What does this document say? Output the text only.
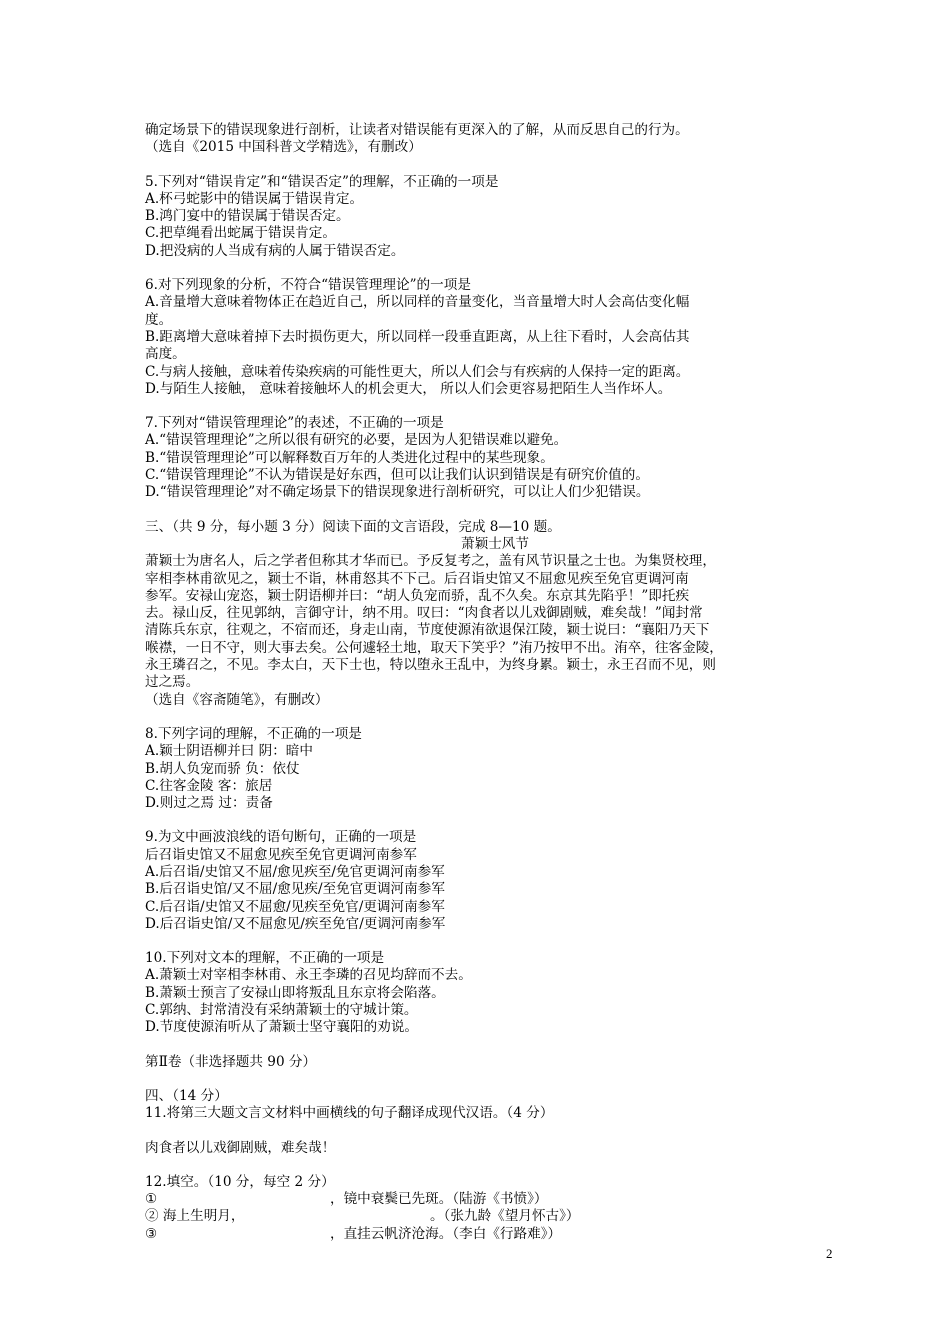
确定场景下的错误现象进行剖析，让读者对错误能有更深入的了解，从而反思自己的行为。
（选自《2015 中国科普文学精选》，有删改）
5.下列对“错误肯定”和“错误否定”的理解，不正确的一项是
A.杯弓蛇影中的错误属于错误肯定。
B.鸿门宴中的错误属于错误否定。
C.把草绳看出蛇属于错误肯定。
D.把没病的人当成有病的人属于错误否定。
6.对下列现象的分析，不符合“错误管理理论”的一项是
A.音量增大意味着物体正在趋近自己，所以同样的音量变化，当音量增大时人会高估变化幅
度。
B.距离增大意味着掉下去时损伤更大，所以同样一段垂直距离，从上往下看时，人会高估其
高度。
C.与病人接触，意味着传染疾病的可能性更大，所以人们会与有疾病的人保持一定的距离。
D.与陌生人接触， 意味着接触坏人的机会更大， 所以人们会更容易把陌生人当作坏人。
7.下列对“错误管理理论”的表述，不正确的一项是
A.“错误管理理论”之所以很有研究的必要，是因为人犯错误难以避免。
B.“错误管理理论”可以解释数百万年的人类进化过程中的某些现象。
C.“错误管理理论”不认为错误是好东西，但可以让我们认识到错误是有研究价值的。
D.“错误管理理论”对不确定场景下的错误现象进行剖析研究，可以让人们少犯错误。
三、（共 9 分，每小题 3 分）阅读下面的文言语段，完成 8—10 题。
萧颖士风节
萧颖士为唐名人，后之学者但称其才华而已。予反复考之，盖有风节识量之士也。为集贤校理，
宰相李林甫欲见之，颖士不诣，林甫怒其不下己。后召诣史馆又不屈愈见疾至免官更调河南
参军。安禄山宠恣，颖士阴语柳并曰：“胡人负宠而骄，乱不久矣。东京其先陷乎！”即托疾
去。禄山反，往见郭纳，言御守计，纳不用。叹曰：“肉食者以儿戏御剧贼，难矣哉！”闻封常
清陈兵东京，往观之，不宿而还，身走山南，节度使源洧欲退保江陵，颖士说曰：“襄阳乃天下
喉襟，一日不守，则大事去矣。公何遽轻土地，取天下笑乎？”洧乃按甲不出。洧卒，往客金陵，
永王璘召之，不见。李太白，天下士也，特以堕永王乱中，为终身累。颖士，永王召而不见，则
过之焉。
（选自《容斋随笔》，有删改）
8.下列字词的理解，不正确的一项是
A.颖士阴语柳并曰 阴：暗中
B.胡人负宠而骄 负：依仗
C.往客金陵 客：旅居
D.则过之焉 过：责备
9.为文中画波浪线的语句断句，正确的一项是
后召诣史馆又不屈愈见疾至免官更调河南参军
A.后召诣/史馆又不屈/愈见疾至/免官更调河南参军
B.后召诣史馆/又不屈/愈见疾/至免官更调河南参军
C.后召诣/史馆又不屈愈/见疾至免官/更调河南参军
D.后召诣史馆/又不屈愈见/疾至免官/更调河南参军
10.下列对文本的理解，不正确的一项是
A.萧颖士对宰相李林甫、永王李璘的召见均辞而不去。
B.萧颖士预言了安禄山即将叛乱且东京将会陷落。
C.郭纳、封常清没有采纳萧颖士的守城计策。
D.节度使源洧听从了萧颖士坚守襄阳的劝说。
第Ⅱ卷（非选择题共 90 分）
四、（14 分）
11.将第三大题文言文材料中画横线的句子翻译成现代汉语。（4 分）
肉食者以儿戏御剧贼，难矣哉！
12.填空。（10 分，每空 2 分）
①	，镜中衰鬓已先斑。（陆游《书愤》）
② 海上生明月，	。（张九龄《望月怀古》）
③	，直挂云帆济沧海。（李白《行路难》）
2
